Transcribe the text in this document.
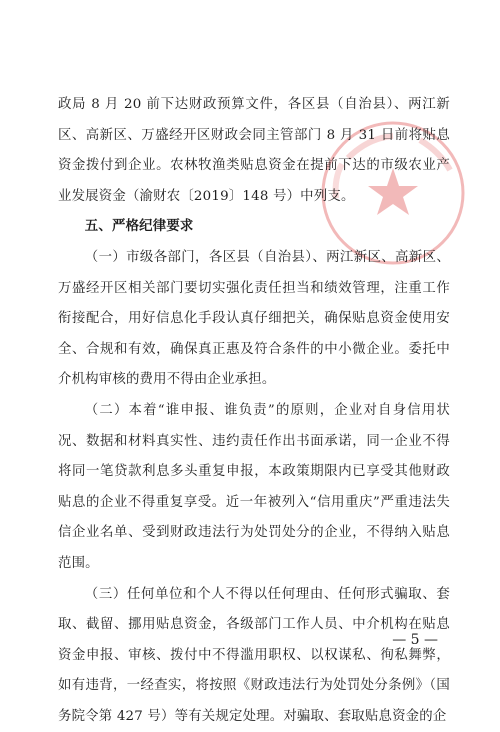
政局 8 月 20 前下达财政预算文件，各区县（自治县）、两江新区、高新区、万盛经开区财政会同主管部门 8 月 31 日前将贴息资金拨付到企业。农林牧渔类贴息资金在提前下达的市级农业产业发展资金（渝财农〔2019〕148 号）中列支。

五、严格纪律要求

（一）市级各部门，各区县（自治县）、两江新区、高新区、万盛经开区相关部门要切实强化责任担当和绩效管理，注重工作衔接配合，用好信息化手段认真仔细把关，确保贴息资金使用安全、合规和有效，确保真正惠及符合条件的中小微企业。委托中介机构审核的费用不得由企业承担。

（二）本着“谁申报、谁负责”的原则，企业对自身信用状况、数据和材料真实性、违约责任作出书面承诺，同一企业不得将同一笔贷款利息多头重复申报，本政策期限内已享受其他财政贴息的企业不得重复享受。近一年被列入“信用重庆”严重违法失信企业名单、受到财政违法行为处罚处分的企业，不得纳入贴息范围。

（三）任何单位和个人不得以任何理由、任何形式骗取、套取、截留、挪用贴息资金，各级部门工作人员、中介机构在贴息资金申报、审核、拨付中不得滥用职权、以权谋私、徇私舞弊，如有违背，一经查实，将按照《财政违法行为处罚处分条例》（国务院令第 427 号）等有关规定处理。对骗取、套取贴息资金的企

— 5 —
